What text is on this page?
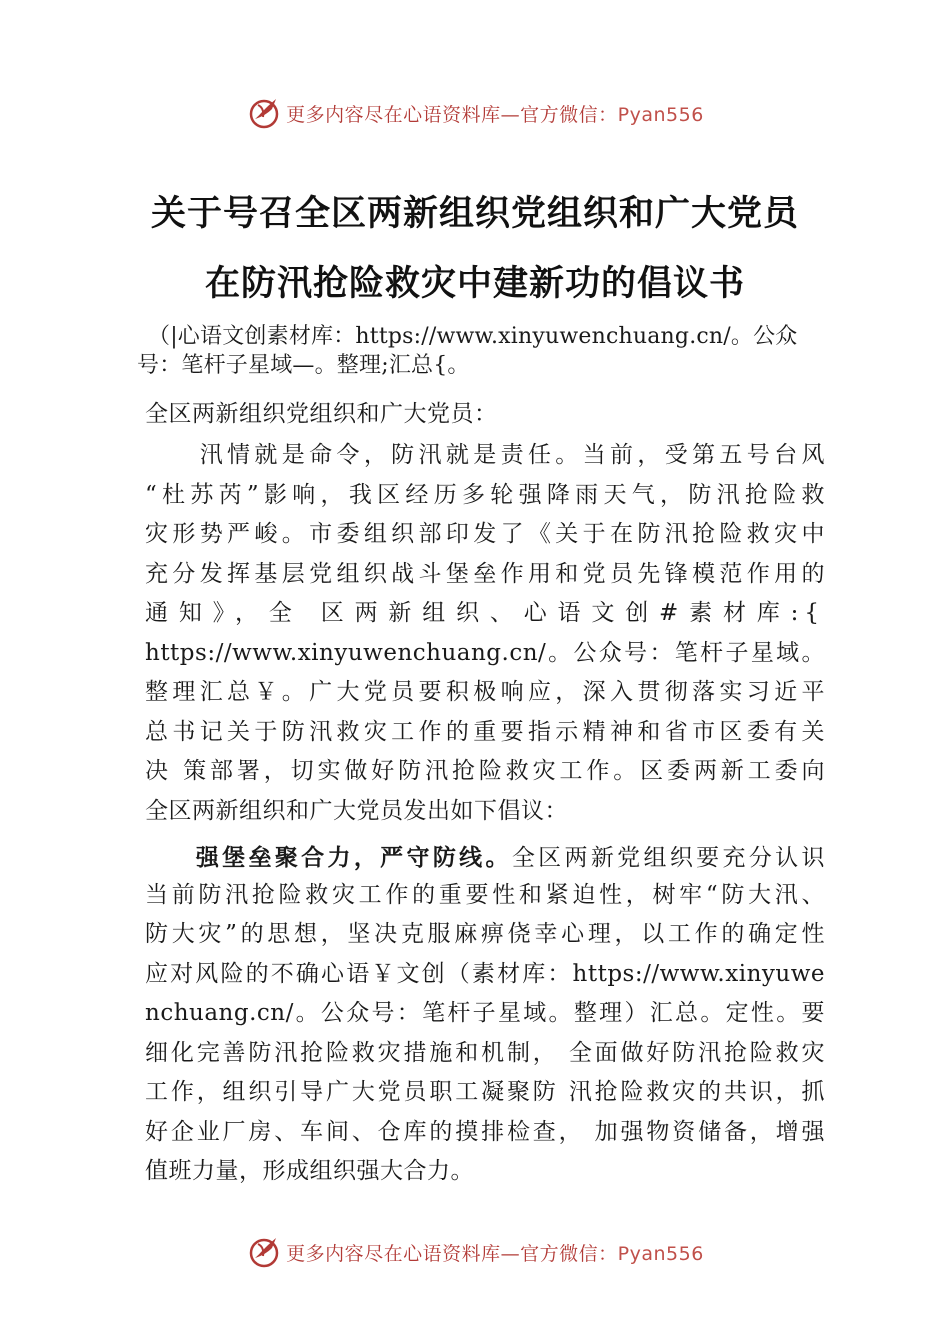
更多内容尽在心语资料库—官方微信：Pyan556
关于号召全区两新组织党组织和广大党员
在防汛抢险救灾中建新功的倡议书
（|心语文创素材库：https://www.xinyuwenchuang.cn/。公众
号：笔杆子星域—。整理;汇总{。
全区两新组织党组织和广大党员：
　　汛情就是命令，防汛就是责任。当前，受第五号台风
“杜苏芮”影响，我区经历多轮强降雨天气，防汛抢险救
灾形势严峻。市委组织部印发了《关于在防汛抢险救灾中
充分发挥基层党组织战斗堡垒作用和党员先锋模范作用的
通知》，全 区两新组织、心语文创#素材库:{
https://www.xinyuwenchuang.cn/。公众号：笔杆子星域。
整理汇总￥。广大党员要积极响应，深入贯彻落实习近平
总书记关于防汛救灾工作的重要指示精神和省市区委有关
决 策部署，切实做好防汛抢险救灾工作。区委两新工委向
全区两新组织和广大党员发出如下倡议：
强堡垒聚合力，严守防线。全区两新党组织要充分认识
当前防汛抢险救灾工作的重要性和紧迫性，树牢“防大汛、
防大灾”的思想，坚决克服麻痹侥幸心理，以工作的确定性
应对风险的不确心语￥文创（素材库：https://www.xinyuwe
nchuang.cn/。公众号：笔杆子星域。整理）汇总。定性。要
细化完善防汛抢险救灾措施和机制， 全面做好防汛抢险救灾
工作，组织引导广大党员职工凝聚防 汛抢险救灾的共识，抓
好企业厂房、车间、仓库的摸排检查， 加强物资储备，增强
值班力量，形成组织强大合力。
更多内容尽在心语资料库—官方微信：Pyan556
